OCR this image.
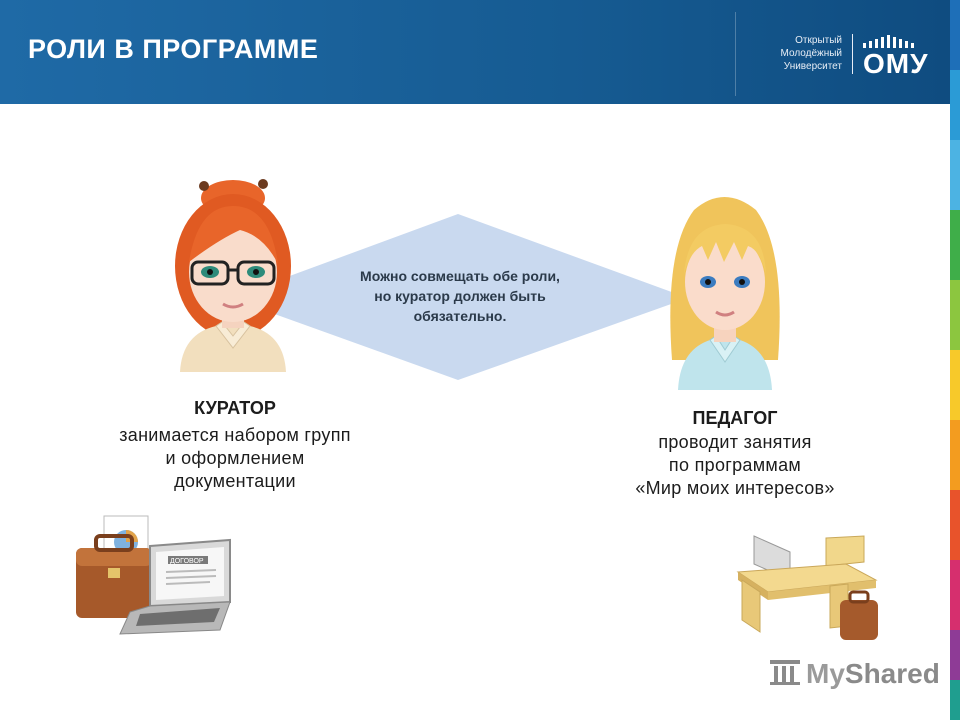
РОЛИ В ПРОГРАММЕ	Открытый
Молодёжный
Университет ОМУ
Можно совмещать обе роли,
но куратор должен быть
обязательно.
КУРАТОР
занимается набором групп
и оформлением
документации
ПЕДАГОГ
проводит занятия
по программам
«Мир моих интересов»
ДОГОВОР
MyShared
